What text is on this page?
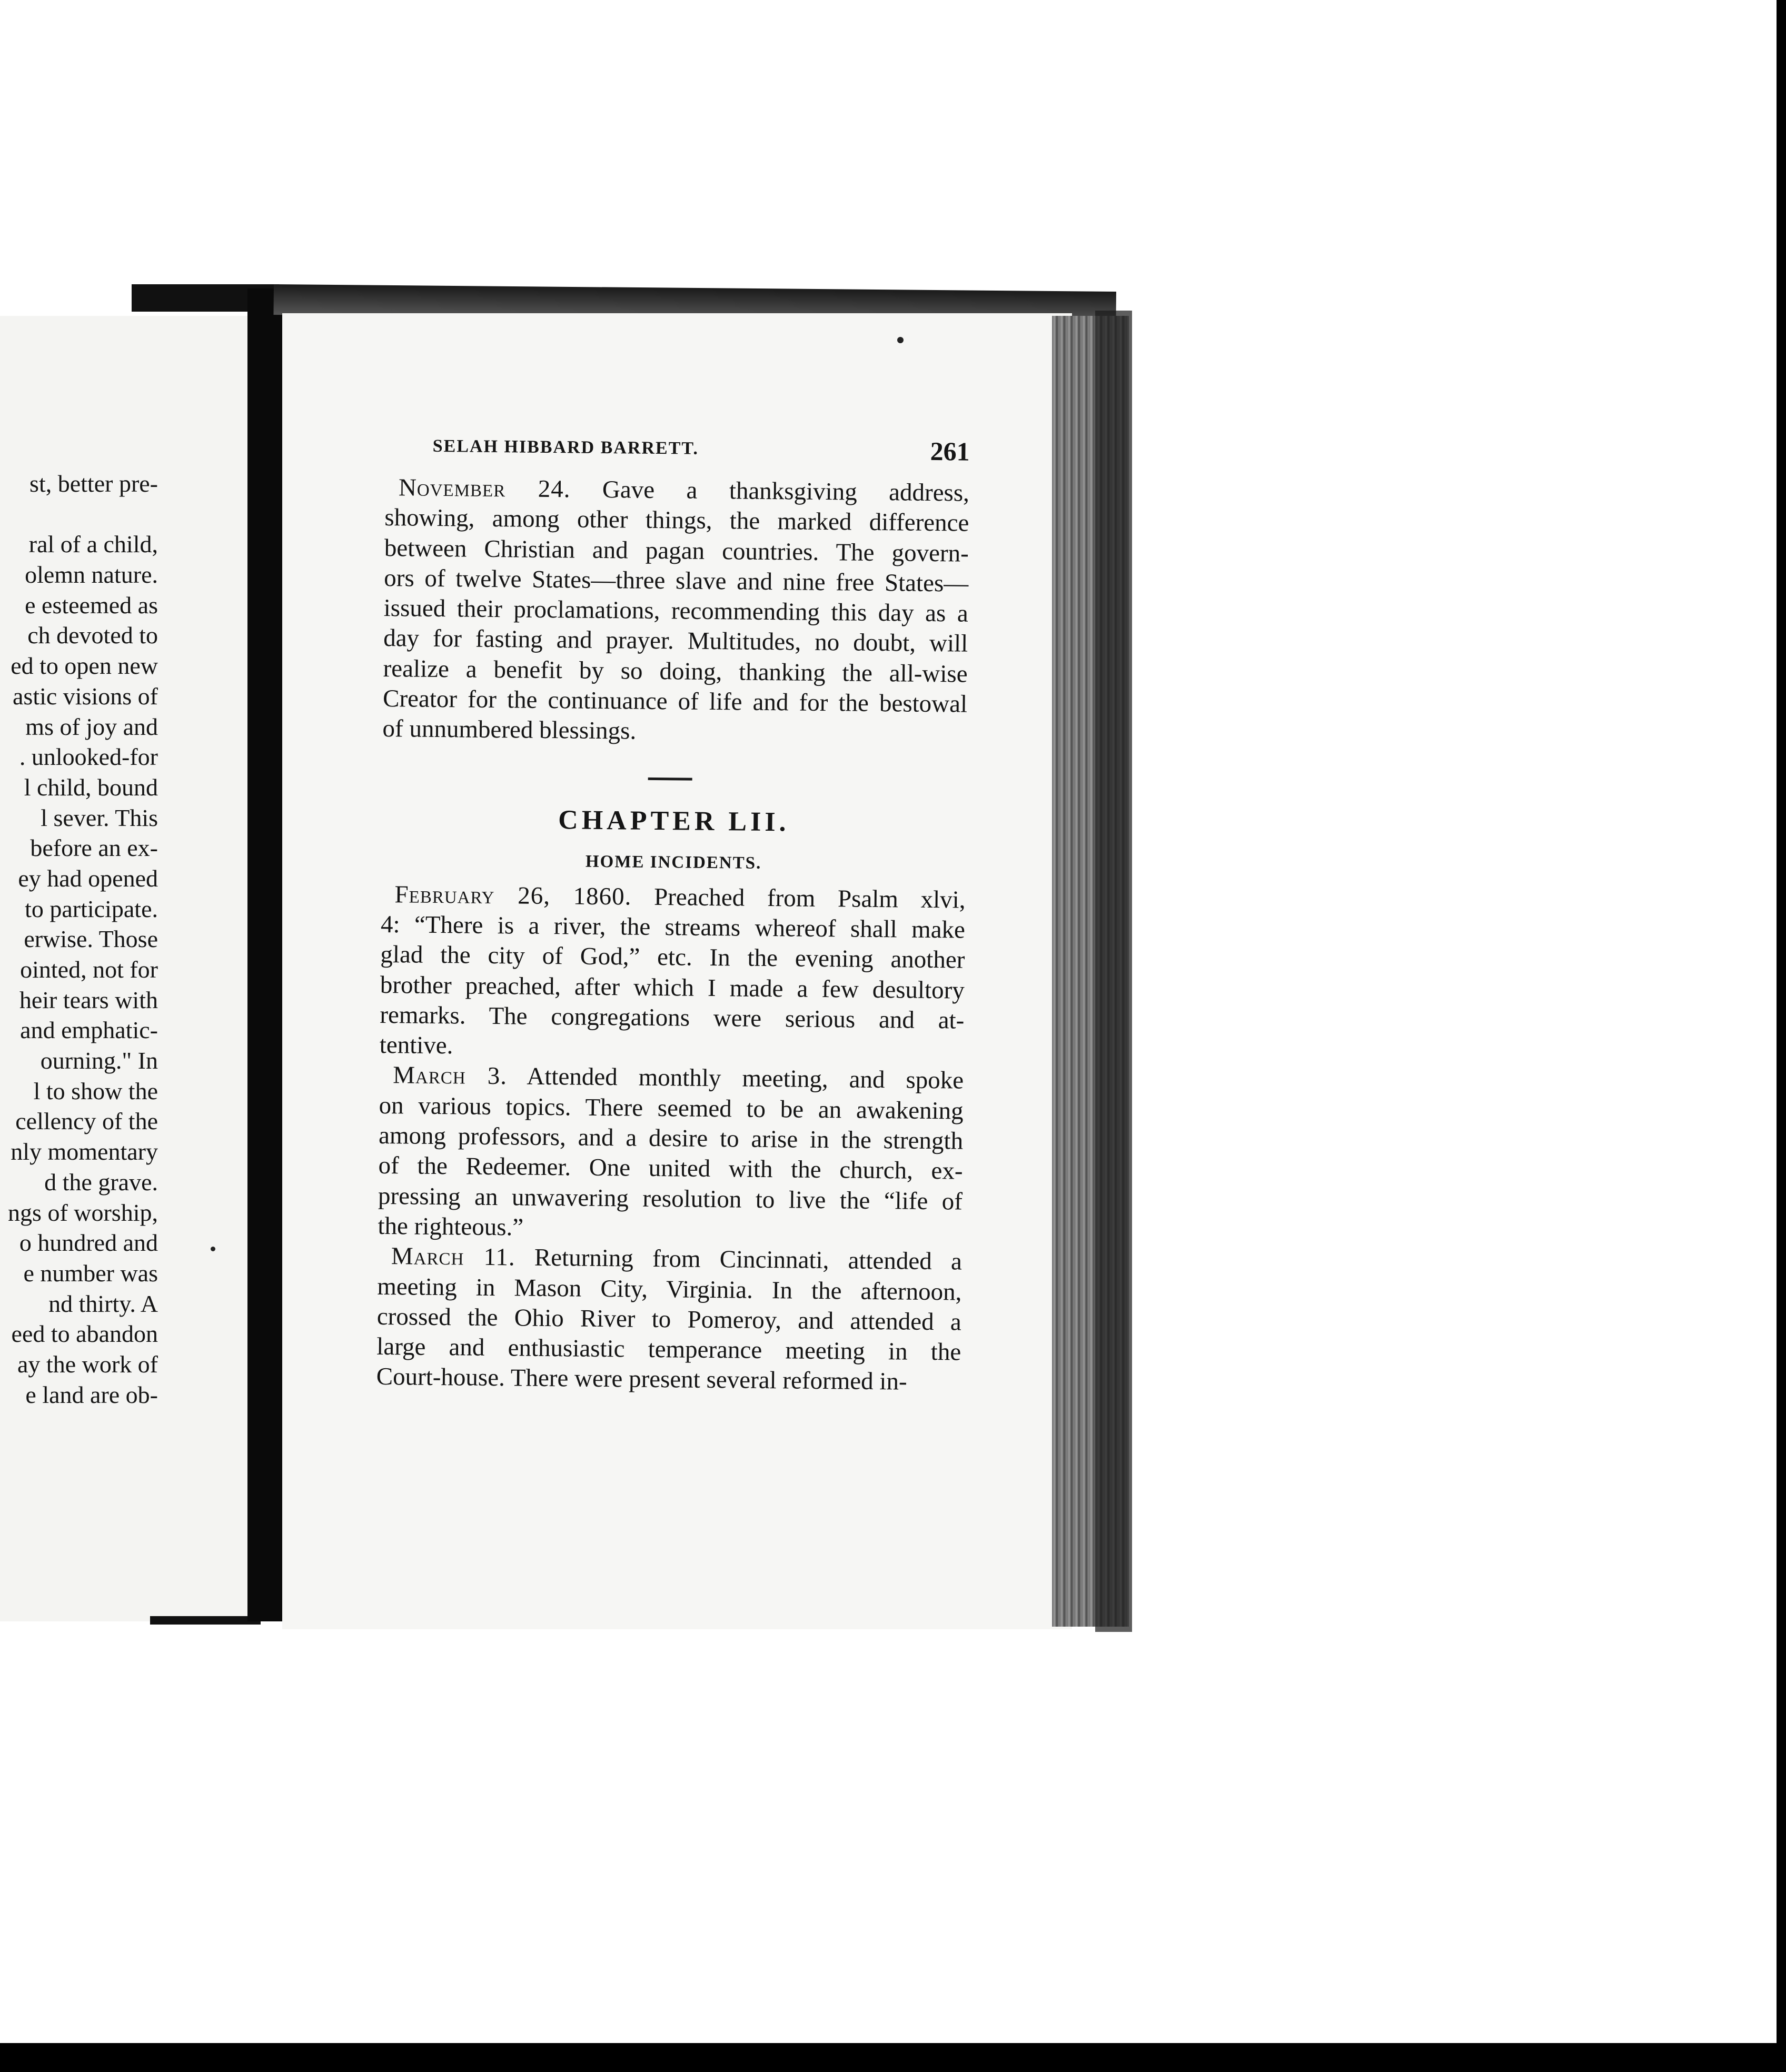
st, better pre-
ral of a child,
olemn nature.
e esteemed as
ch devoted to
ed to open new
astic visions of
ms of joy and
. unlooked-for
l child, bound
l sever. This
before an ex-
ey had opened
to participate.
erwise. Those
ointed, not for
heir tears with
and emphatic-
ourning." In
l to show the
cellency of the
nly momentary
d the grave.
ngs of worship,
o hundred and
e number was
nd thirty. A
eed to abandon
ay the work of
e land are ob-
SELAH HIBBARD BARRETT.	261

November 24. Gave a thanksgiving address,
showing, among other things, the marked difference
between Christian and pagan countries. The govern-
ors of twelve States—three slave and nine free States—
issued their proclamations, recommending this day as a
day for fasting and prayer. Multitudes, no doubt, will
realize a benefit by so doing, thanking the all-wise
Creator for the continuance of life and for the bestowal
of unnumbered blessings.

CHAPTER LII.
HOME INCIDENTS.

February 26, 1860. Preached from Psalm xlvi,
4: “There is a river, the streams whereof shall make
glad the city of God,” etc. In the evening another
brother preached, after which I made a few desultory
remarks. The congregations were serious and at-
tentive.

March 3. Attended monthly meeting, and spoke
on various topics. There seemed to be an awakening
among professors, and a desire to arise in the strength
of the Redeemer. One united with the church, ex-
pressing an unwavering resolution to live the “life of
the righteous.”

March 11. Returning from Cincinnati, attended a
meeting in Mason City, Virginia. In the afternoon,
crossed the Ohio River to Pomeroy, and attended a
large and enthusiastic temperance meeting in the
Court-house. There were present several reformed in-
